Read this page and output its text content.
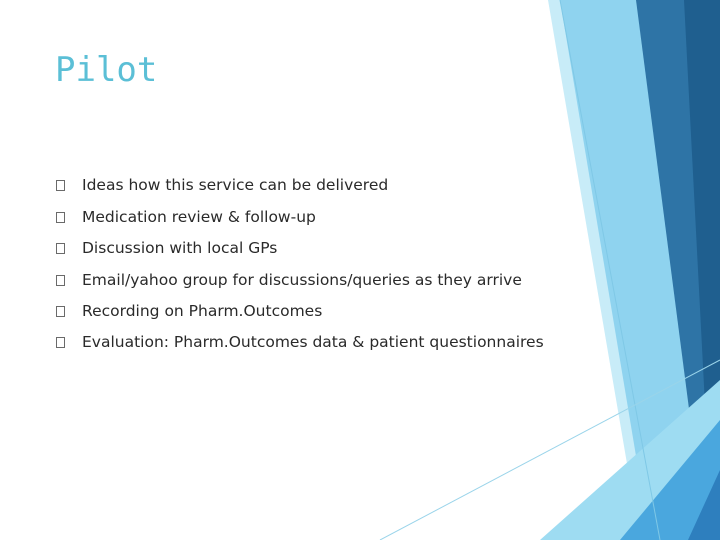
Pilot
Ideas how this service can be delivered
Medication review & follow-up
Discussion with local GPs
Email/yahoo group for discussions/queries as they arrive
Recording on Pharm.Outcomes
Evaluation: Pharm.Outcomes data & patient questionnaires
